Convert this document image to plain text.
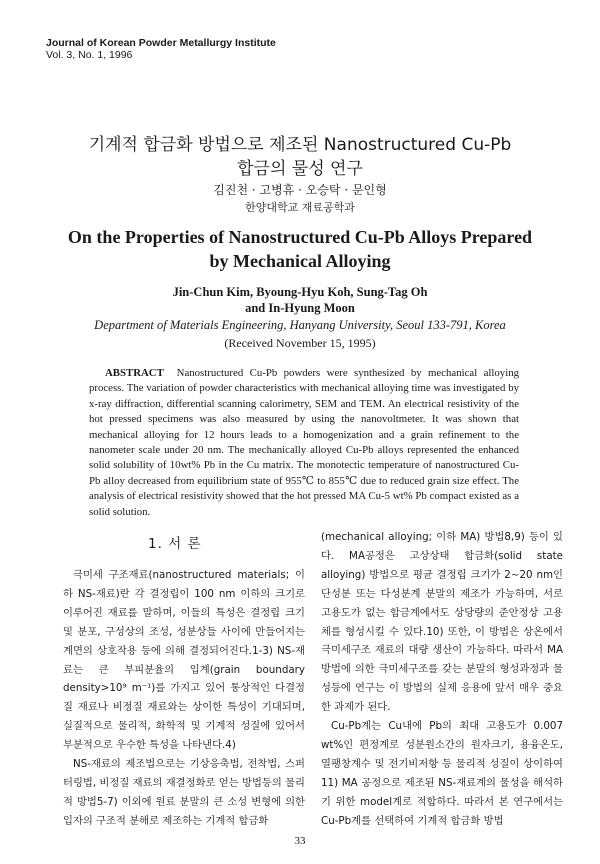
Journal of Korean Powder Metallurgy Institute
Vol. 3, No. 1, 1996
기계적 합금화 방법으로 제조된 Nanostructured Cu-Pb
합금의 물성 연구
김진천 · 고병휴 · 오승탁 · 문인형
한양대학교 재료공학과
On the Properties of Nanostructured Cu-Pb Alloys Prepared
by Mechanical Alloying
Jin-Chun Kim, Byoung-Hyu Koh, Sung-Tag Oh
and In-Hyung Moon
Department of Materials Engineering, Hanyang University, Seoul 133-791, Korea
(Received November 15, 1995)
ABSTRACT Nanostructured Cu-Pb powders were synthesized by mechanical alloying process. The variation of powder characteristics with mechanical alloying time was investigated by x-ray diffraction, differential scanning calorimetry, SEM and TEM. An electrical resistivity of the hot pressed specimens was also measured by using the nanovoltmeter. It was shown that mechanical alloying for 12 hours leads to a homogenization and a grain refinement to the nanometer scale under 20 nm. The mechanically alloyed Cu-Pb alloys represented the enhanced solid solubility of 10wt% Pb in the Cu matrix. The monotectic temperature of nanostructured Cu-Pb alloy decreased from equilibrium state of 955℃ to 855℃ due to reduced grain size effect. The analysis of electrical resistivity showed that the hot pressed MA Cu-5 wt% Pb compact existed as a solid solution.
1. 서 론

극미세 구조재료(nanostructured materials; 이하 NS-재료)란 각 결정립이 100 nm 이하의 크기로 이루어진 재료를 말하며, 이들의 특성은 결정립 크기 및 분포, 구성상의 조성, 성분상들 사이에 만들어지는 계면의 상호작용 등에 의해 결정되어진다.1-3) NS-재료는 큰 부피분율의 입계(grain boundary density>10⁹ m⁻¹)를 가지고 있어 통상적인 다결정질 재료나 비정질 재료와는 상이한 특성이 기대되며, 실질적으로 물리적, 화학적 및 기계적 성질에 있어서 부분적으로 우수한 특성을 나타낸다.4)

NS-재료의 제조법으로는 기상응축법, 전착법, 스퍼터링법, 비정질 재료의 재결정화로 얻는 방법등의 물리적 방법5-7) 이외에 원료 분말의 큰 소성 변형에 의한 입자의 구조적 분해로 제조하는 기계적 합금화

(mechanical alloying; 이하 MA) 방법8,9) 등이 있다. MA공정은 고상상태 합금화(solid state alloying) 방법으로 평균 결정립 크기가 2∼20 nm인 단성분 또는 다성분계 분말의 제조가 가능하며, 서로 고용도가 없는 합금계에서도 상당량의 준안정상 고용체를 형성시킬 수 있다.10) 또한, 이 방법은 상온에서 극미세구조 재료의 대량 생산이 가능하다. 따라서 MA 방법에 의한 극미세구조를 갖는 분말의 형성과정과 물성등에 연구는 이 방법의 실제 응용에 앞서 매우 중요한 과제가 된다.

Cu-Pb계는 Cu내에 Pb의 최대 고용도가 0.007 wt%인 편정계로 성분원소간의 원자크기, 용융온도, 열팽창계수 및 전기비저항 등 물리적 성질이 상이하여11) MA 공정으로 제조된 NS-재료계의 물성을 해석하기 위한 model계로 적합하다. 따라서 본 연구에서는 Cu-Pb계를 선택하여 기계적 합금화 방법

33
